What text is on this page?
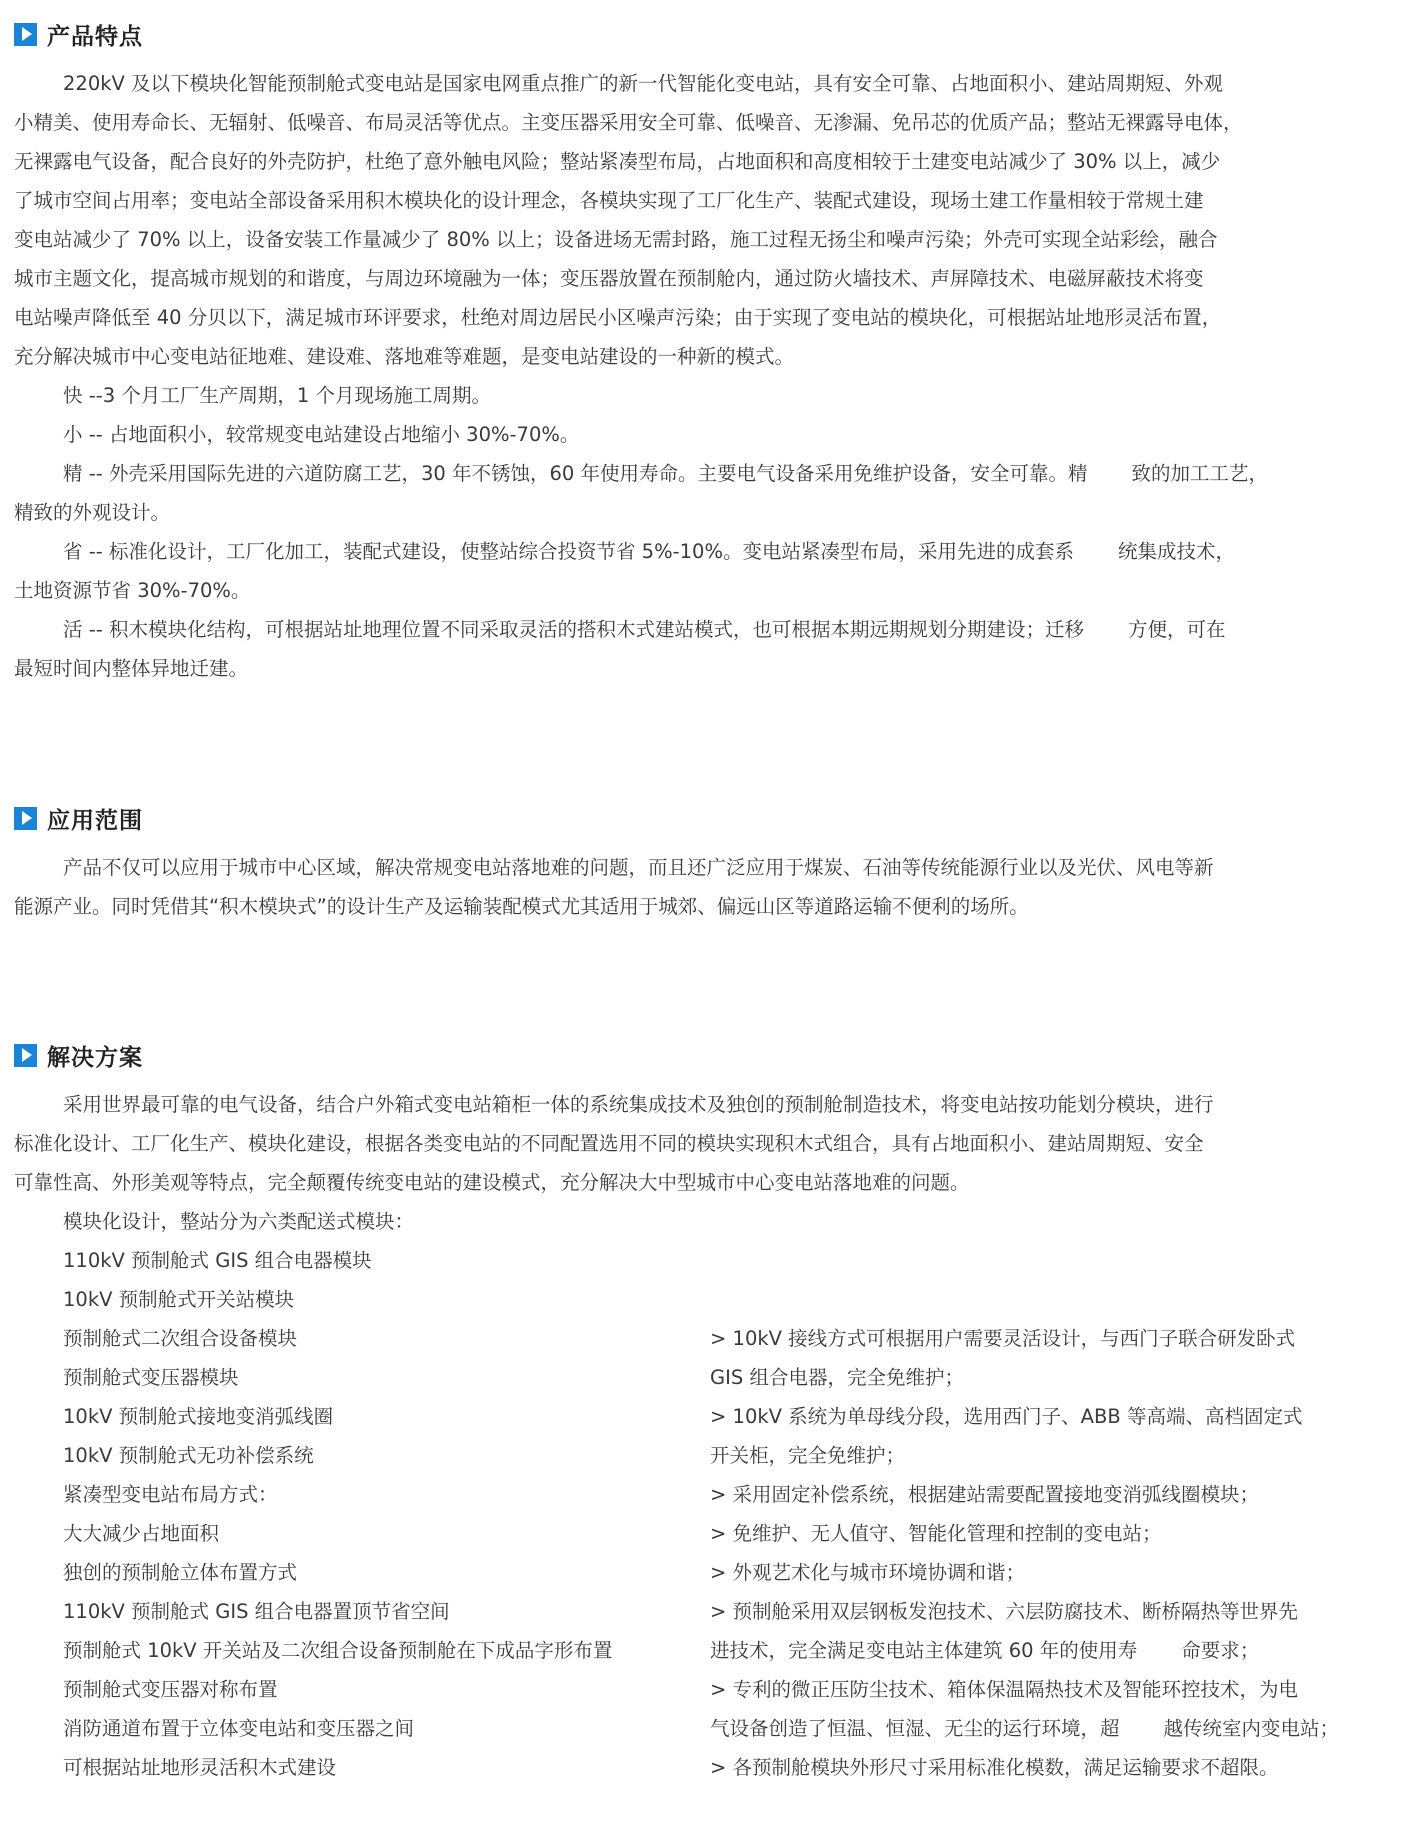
产品特点
220kV 及以下模块化智能预制舱式变电站是国家电网重点推广的新一代智能化变电站，具有安全可靠、占地面积小、建站周期短、外观
小精美、使用寿命长、无辐射、低噪音、布局灵活等优点。主变压器采用安全可靠、低噪音、无渗漏、免吊芯的优质产品；整站无裸露导电体，
无裸露电气设备，配合良好的外壳防护，杜绝了意外触电风险；整站紧凑型布局，占地面积和高度相较于土建变电站减少了 30% 以上，减少
了城市空间占用率；变电站全部设备采用积木模块化的设计理念，各模块实现了工厂化生产、装配式建设，现场土建工作量相较于常规土建
变电站减少了 70% 以上，设备安装工作量减少了 80% 以上；设备进场无需封路，施工过程无扬尘和噪声污染；外壳可实现全站彩绘，融合
城市主题文化，提高城市规划的和谐度，与周边环境融为一体；变压器放置在预制舱内，通过防火墙技术、声屏障技术、电磁屏蔽技术将变
电站噪声降低至 40 分贝以下，满足城市环评要求，杜绝对周边居民小区噪声污染；由于实现了变电站的模块化，可根据站址地形灵活布置，
充分解决城市中心变电站征地难、建设难、落地难等难题，是变电站建设的一种新的模式。
快 --3 个月工厂生产周期，1 个月现场施工周期。
小 -- 占地面积小，较常规变电站建设占地缩小 30%-70%。
精 -- 外壳采用国际先进的六道防腐工艺，30 年不锈蚀，60 年使用寿命。主要电气设备采用免维护设备，安全可靠。精 致的加工工艺，
精致的外观设计。
省 -- 标准化设计，工厂化加工，装配式建设，使整站综合投资节省 5%-10%。变电站紧凑型布局，采用先进的成套系 统集成技术，
土地资源节省 30%-70%。
活 -- 积木模块化结构，可根据站址地理位置不同采取灵活的搭积木式建站模式，也可根据本期远期规划分期建设；迁移 方便，可在
最短时间内整体异地迁建。
应用范围
产品不仅可以应用于城市中心区域，解决常规变电站落地难的问题，而且还广泛应用于煤炭、石油等传统能源行业以及光伏、风电等新
能源产业。同时凭借其“积木模块式”的设计生产及运输装配模式尤其适用于城郊、偏远山区等道路运输不便利的场所。
解决方案
采用世界最可靠的电气设备，结合户外箱式变电站箱柜一体的系统集成技术及独创的预制舱制造技术，将变电站按功能划分模块，进行
标准化设计、工厂化生产、模块化建设，根据各类变电站的不同配置选用不同的模块实现积木式组合，具有占地面积小、建站周期短、安全
可靠性高、外形美观等特点，完全颠覆传统变电站的建设模式，充分解决大中型城市中心变电站落地难的问题。
模块化设计，整站分为六类配送式模块：
110kV 预制舱式 GIS 组合电器模块
10kV 预制舱式开关站模块
预制舱式二次组合设备模块
预制舱式变压器模块
10kV 预制舱式接地变消弧线圈
10kV 预制舱式无功补偿系统
紧凑型变电站布局方式：
大大减少占地面积
独创的预制舱立体布置方式
110kV 预制舱式 GIS 组合电器置顶节省空间
预制舱式 10kV 开关站及二次组合设备预制舱在下成品字形布置
预制舱式变压器对称布置
消防通道布置于立体变电站和变压器之间
可根据站址地形灵活积木式建设
> 10kV 接线方式可根据用户需要灵活设计，与西门子联合研发卧式
GIS 组合电器，完全免维护；
> 10kV 系统为单母线分段，选用西门子、ABB 等高端、高档固定式
开关柜，完全免维护；
> 采用固定补偿系统，根据建站需要配置接地变消弧线圈模块；
> 免维护、无人值守、智能化管理和控制的变电站；
> 外观艺术化与城市环境协调和谐；
> 预制舱采用双层钢板发泡技术、六层防腐技术、断桥隔热等世界先
进技术，完全满足变电站主体建筑 60 年的使用寿 命要求；
> 专利的微正压防尘技术、箱体保温隔热技术及智能环控技术，为电
气设备创造了恒温、恒湿、无尘的运行环境，超 越传统室内变电站；
> 各预制舱模块外形尺寸采用标准化模数，满足运输要求不超限。
